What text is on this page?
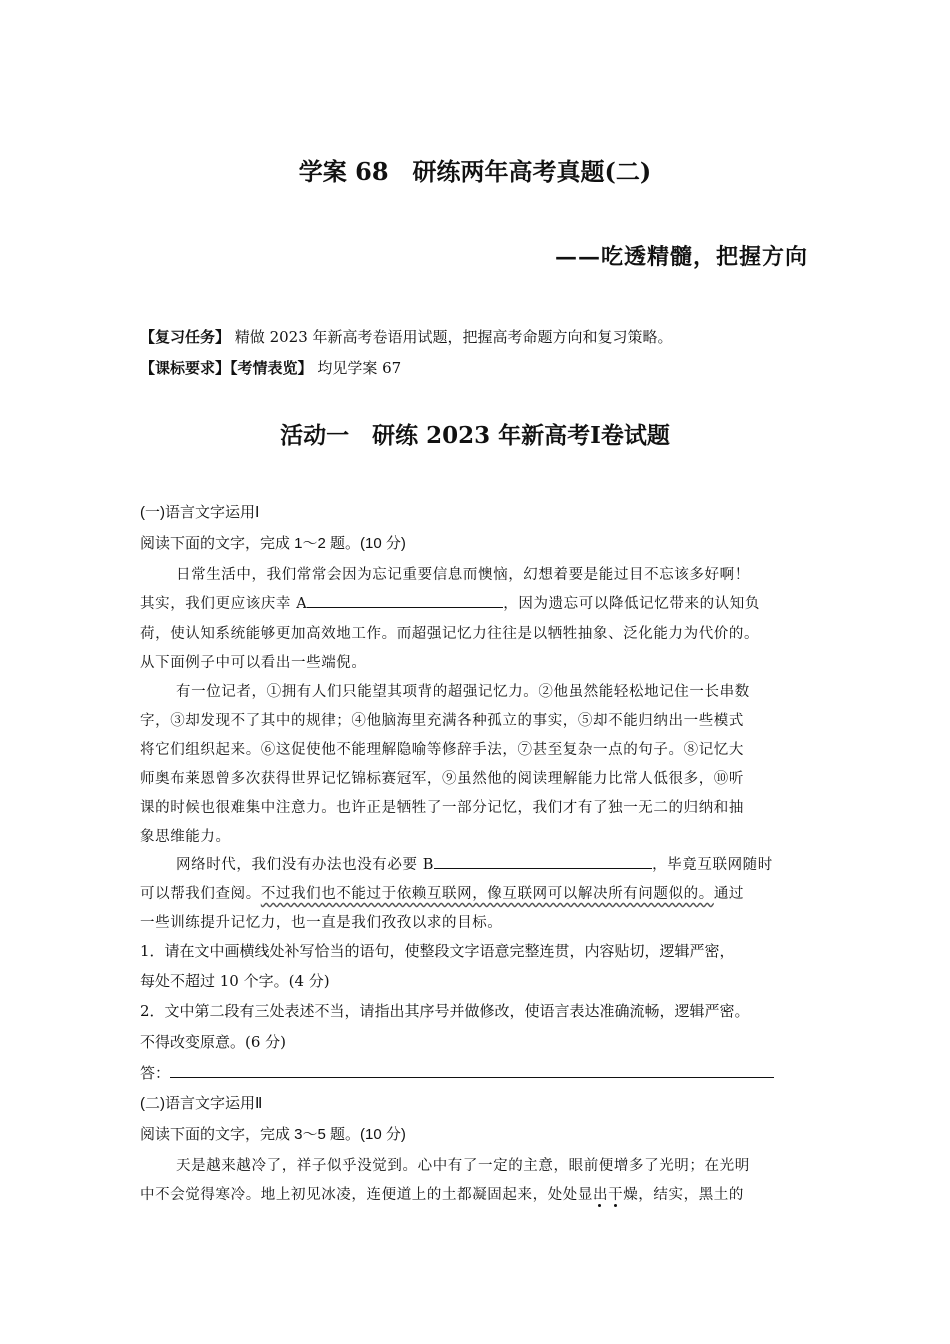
学案 68　研练两年高考真题(二)
——吃透精髓，把握方向
【复习任务】 精做 2023 年新高考卷语用试题，把握高考命题方向和复习策略。
【课标要求】【考情表览】 均见学案 67
活动一　研练 2023 年新高考Ⅰ卷试题
(一)语言文字运用Ⅰ
阅读下面的文字，完成 1～2 题。(10 分)
日常生活中，我们常常会因为忘记重要信息而懊恼，幻想着要是能过目不忘该多好啊！
其实，我们更应该庆幸 A	，因为遗忘可以降低记忆带来的认知负
荷，使认知系统能够更加高效地工作。而超强记忆力往往是以牺牲抽象、泛化能力为代价的。
从下面例子中可以看出一些端倪。
有一位记者，①拥有人们只能望其项背的超强记忆力。②他虽然能轻松地记住一长串数
字，③却发现不了其中的规律；④他脑海里充满各种孤立的事实，⑤却不能归纳出一些模式
将它们组织起来。⑥这促使他不能理解隐喻等修辞手法，⑦甚至复杂一点的句子。⑧记忆大
师奥布莱恩曾多次获得世界记忆锦标赛冠军，⑨虽然他的阅读理解能力比常人低很多，⑩听
课的时候也很难集中注意力。也许正是牺牲了一部分记忆，我们才有了独一无二的归纳和抽
象思维能力。
网络时代，我们没有办法也没有必要 B	，毕竟互联网随时
可以帮我们查阅。不过我们也不能过于依赖互联网，像互联网可以解决所有问题似的。通过
一些训练提升记忆力，也一直是我们孜孜以求的目标。
1．请在文中画横线处补写恰当的语句，使整段文字语意完整连贯，内容贴切，逻辑严密，
每处不超过 10 个字。(4 分)
2．文中第二段有三处表述不当，请指出其序号并做修改，使语言表达准确流畅，逻辑严密。
不得改变原意。(6 分)
答：
(二)语言文字运用Ⅱ
阅读下面的文字，完成 3～5 题。(10 分)
天是越来越冷了，祥子似乎没觉到。心中有了一定的主意，眼前便增多了光明；在光明
中不会觉得寒冷。地上初见冰凌，连便道上的土都凝固起来，处处显出干燥，结实，黑土的
